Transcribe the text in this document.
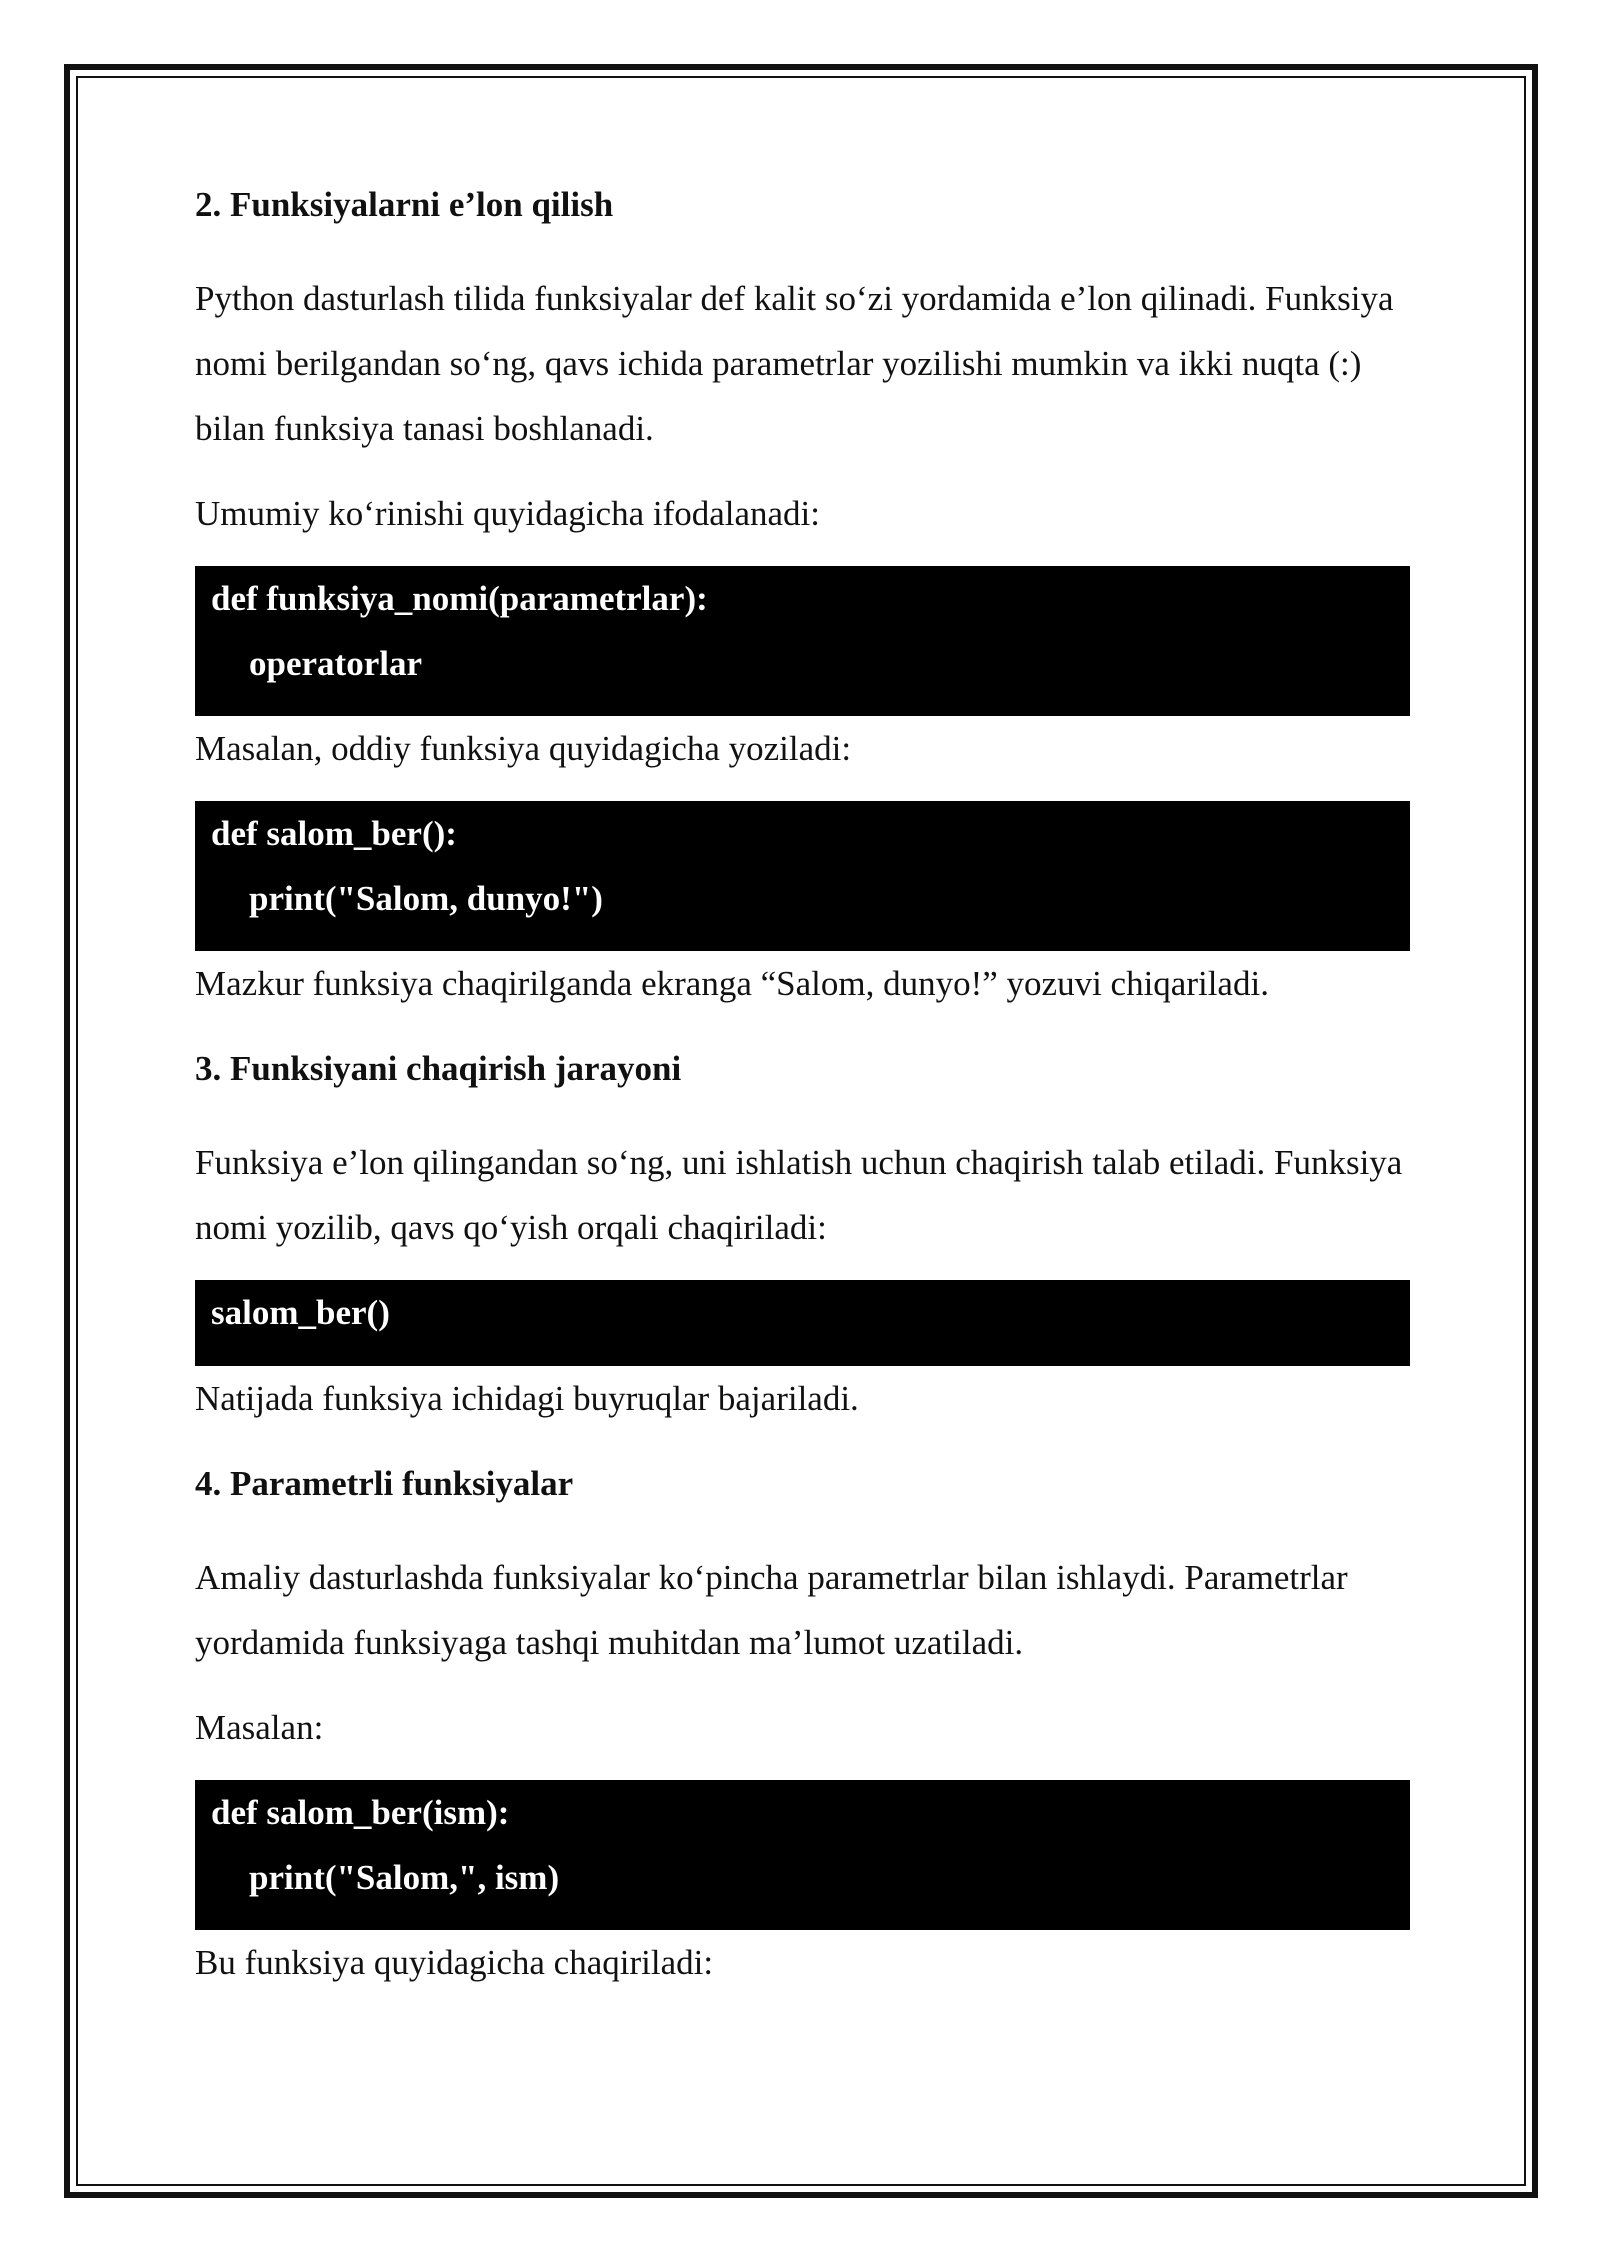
2. Funksiyalarni e’lon qilish
Python dasturlash tilida funksiyalar def kalit so‘zi yordamida e’lon qilinadi. Funksiya nomi berilgandan so‘ng, qavs ichida parametrlar yozilishi mumkin va ikki nuqta (:) bilan funksiya tanasi boshlanadi.
Umumiy ko‘rinishi quyidagicha ifodalanadi:
def funksiya_nomi(parametrlar):
operatorlar
Masalan, oddiy funksiya quyidagicha yoziladi:
def salom_ber():
print("Salom, dunyo!")
Mazkur funksiya chaqirilganda ekranga “Salom, dunyo!” yozuvi chiqariladi.
3. Funksiyani chaqirish jarayoni
Funksiya e’lon qilingandan so‘ng, uni ishlatish uchun chaqirish talab etiladi. Funksiya nomi yozilib, qavs qo‘yish orqali chaqiriladi:
salom_ber()
Natijada funksiya ichidagi buyruqlar bajariladi.
4. Parametrli funksiyalar
Amaliy dasturlashda funksiyalar ko‘pincha parametrlar bilan ishlaydi. Parametrlar yordamida funksiyaga tashqi muhitdan ma’lumot uzatiladi.
Masalan:
def salom_ber(ism):
print("Salom,", ism)
Bu funksiya quyidagicha chaqiriladi:
